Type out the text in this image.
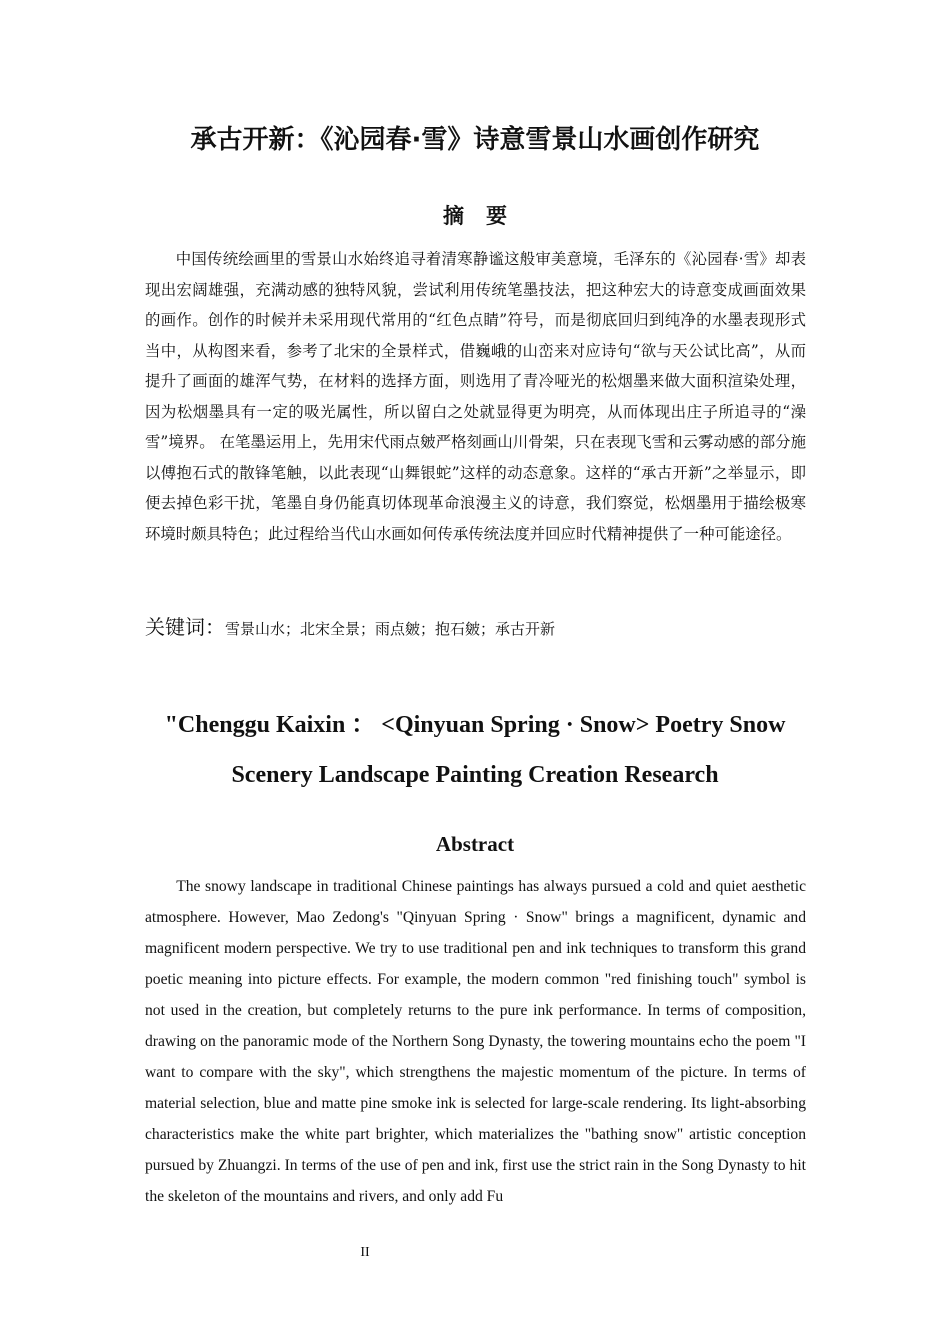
承古开新：《沁园春·雪》诗意雪景山水画创作研究
摘要

中国传统绘画里的雪景山水始终追寻着清寒静谧这般审美意境，毛泽东的《沁园春·雪》却表现出宏阔雄强，充满动感的独特风貌，尝试利用传统笔墨技法，把这种宏大的诗意变成画面效果的画作。创作的时候并未采用现代常用的“红色点睛”符号，而是彻底回归到纯净的水墨表现形式当中，从构图来看，参考了北宋的全景样式，借巍峨的山峦来对应诗句“欲与天公试比高”，从而提升了画面的雄浑气势，在材料的选择方面，则选用了青冷哑光的松烟墨来做大面积渲染处理，因为松烟墨具有一定的吸光属性，所以留白之处就显得更为明亮，从而体现出庄子所追寻的“澡雪”境界。 在笔墨运用上，先用宋代雨点皴严格刻画山川骨架，只在表现飞雪和云雾动感的部分施以傅抱石式的散锋笔触，以此表现“山舞银蛇”这样的动态意象。这样的“承古开新”之举显示，即便去掉色彩干扰，笔墨自身仍能真切体现革命浪漫主义的诗意，我们察觉，松烟墨用于描绘极寒环境时颇具特色；此过程给当代山水画如何传承传统法度并回应时代精神提供了一种可能途径。

关键词：雪景山水；北宋全景；雨点皴；抱石皴；承古开新

"Chenggu Kaixin ： <Qinyuan Spring · Snow> Poetry Snow Scenery Landscape Painting Creation Research
Abstract

The snowy landscape in traditional Chinese paintings has always pursued a cold and quiet aesthetic atmosphere. However, Mao Zedong's "Qinyuan Spring · Snow" brings a magnificent, dynamic and magnificent modern perspective. We try to use traditional pen and ink techniques to transform this grand poetic meaning into picture effects. For example, the modern common "red finishing touch" symbol is not used in the creation, but completely returns to the pure ink performance. In terms of composition, drawing on the panoramic mode of the Northern Song Dynasty, the towering mountains echo the poem "I want to compare with the sky", which strengthens the majestic momentum of the picture. In terms of material selection, blue and matte pine smoke ink is selected for large-scale rendering. Its light-absorbing characteristics make the white part brighter, which materializes the "bathing snow" artistic conception pursued by Zhuangzi. In terms of the use of pen and ink, first use the strict rain in the Song Dynasty to hit the skeleton of the mountains and rivers, and only add Fu

II
